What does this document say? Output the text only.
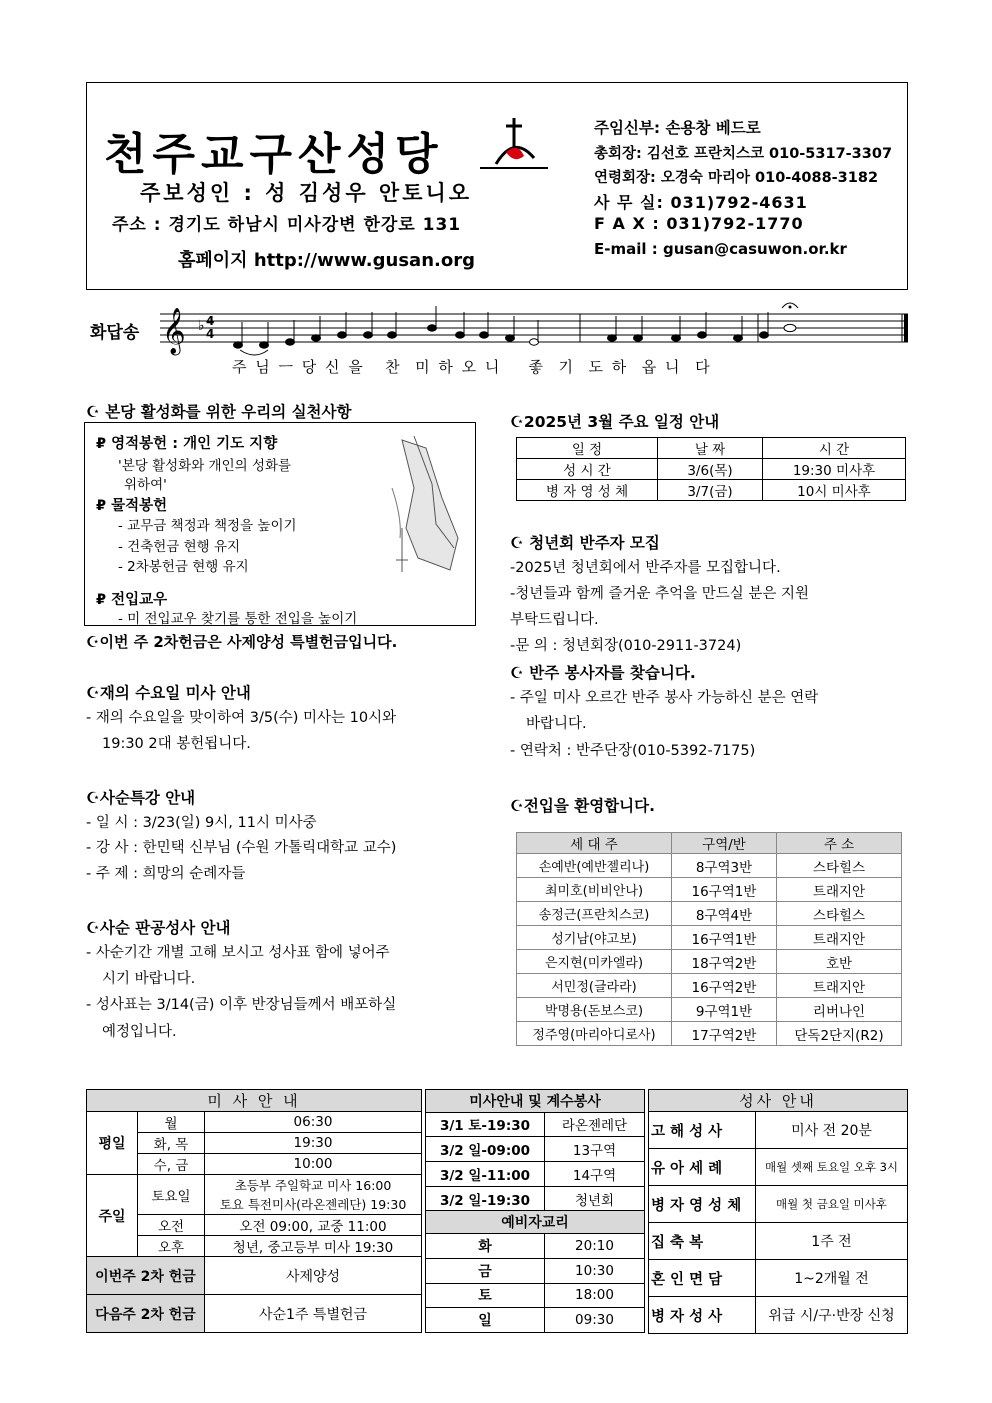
천주교구산성당
주보성인 : 성 김성우 안토니오
주소 : 경기도 하남시 미사강변 한강로 131
홈페이지 http://www.gusan.org
주임신부: 손용창 베드로
총회장: 김선호 프란치스코 010-5317-3307
연령회장: 오경숙 마리아 010-4088-3182
사 무 실: 031)792-4631
F A X : 031)792-1770
E-mail : gusan@casuwon.or.kr
화답송 𝄞 ♭ 4
4
주 님 ㅡ 당 신 을   찬  미 하 오 니    좋  기  도 하  옵 니  다
☪ 본당 활성화를 위한 우리의 실천사항
₽ 영적봉헌 : 개인 기도 지향
'본당 활성화와 개인의 성화를
위하여'
₽ 물적봉헌
- 교무금 책정과 책정을 높이기
- 건축헌금 현행 유지
- 2차봉헌금 현행 유지
₽ 전입교우
- 미 전입교우 찾기를 통한 전입을 높이기
☪이번 주 2차헌금은 사제양성 특별헌금입니다.
☪재의 수요일 미사 안내
- 재의 수요일을 맞이하여 3/5(수) 미사는 10시와
19:30 2대 봉헌됩니다.
☪사순특강 안내
- 일 시 : 3/23(일) 9시, 11시 미사중
- 강 사 : 한민택 신부님 (수원 가톨릭대학교 교수)
- 주 제 : 희망의 순례자들
☪사순 판공성사 안내
- 사순기간 개별 고해 보시고 성사표 함에 넣어주
시기 바랍니다.
- 성사표는 3/14(금) 이후 반장님들께서 배포하실
예정입니다.
☪2025년 3월 주요 일정 안내
일 정	날 짜	시 간
성 시 간	3/6(목)	19:30 미사후
병 자 영 성 체	3/7(금)	10시 미사후
☪ 청년회 반주자 모집
-2025년 청년회에서 반주자를 모집합니다.
-청년들과 함께 즐거운 추억을 만드실 분은 지원
부탁드립니다.
-문 의 : 청년회장(010-2911-3724)
☪ 반주 봉사자를 찾습니다.
- 주일 미사 오르간 반주 봉사 가능하신 분은 연락
바랍니다.
- 연락처 : 반주단장(010-5392-7175)
☪전입을 환영합니다.
세 대 주	구역/반	주 소
손예반(예반젤리나)	8구역3반	스타힐스
최미호(비비안나)	16구역1반	트래지안
송정근(프란치스코)	8구역4반	스타힐스
성기남(야고보)	16구역1반	트래지안
은지현(미카엘라)	18구역2반	호반
서민정(글라라)	16구역2반	트래지안
박명용(돈보스코)	9구역1반	리버나인
정주영(마리아디로사)	17구역2반	단독2단지(R2)
미 사 안 내		
평일	월	06:30
	화, 목	19:30
	수, 금	10:00
주일	토요일	초등부 주일학교 미사 16:00
토요 특전미사(라온젠레단) 19:30

	오전	오전 09:00, 교중 11:00
	오후	청년, 중고등부 미사 19:30
이번주 2차 헌금		사제양성
다음주 2차 헌금		사순1주 특별헌금
미사안내 및 계수봉사	
3/1 토-19:30	라온젠레단
3/2 일-09:00	13구역
3/2 일-11:00	14구역
3/2 일-19:30	청년회
예비자교리	
화	20:10
금	10:30
토	18:00
일	09:30
성사 안내	
고 해 성 사	미사 전 20분
유 아 세 례	매월 셋째 토요일 오후 3시
병 자 영 성 체	매월 첫 금요일 미사후
집 축 복	1주 전
혼 인 면 담	1~2개월 전
병 자 성 사	위급 시/구·반장 신청
